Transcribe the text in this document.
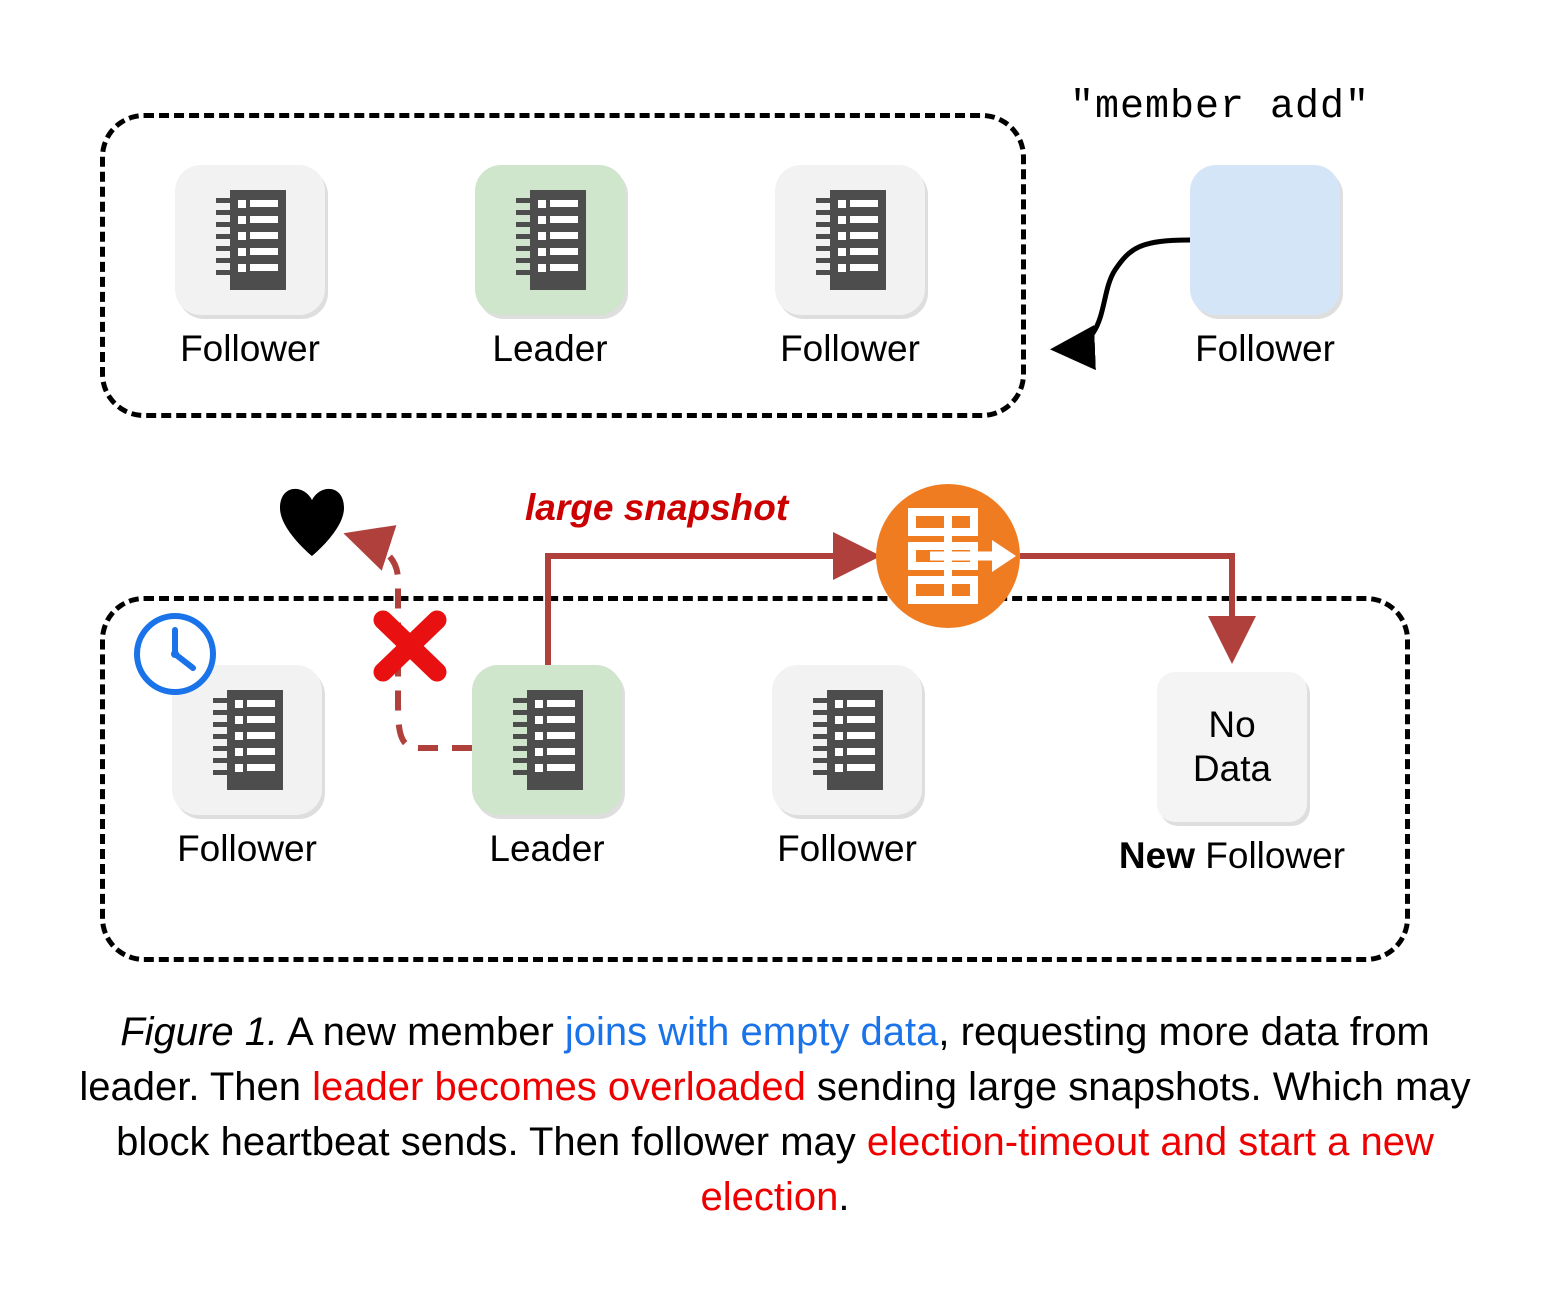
"member add"
Follower	Leader	Follower	Follower
Follower	Leader	Follower
No
Data
New Follower
large snapshot
Figure 1. A new member joins with empty data, requesting more data from leader. Then leader becomes overloaded sending large snapshots. Which may block heartbeat sends. Then follower may election-timeout and start a new election.
